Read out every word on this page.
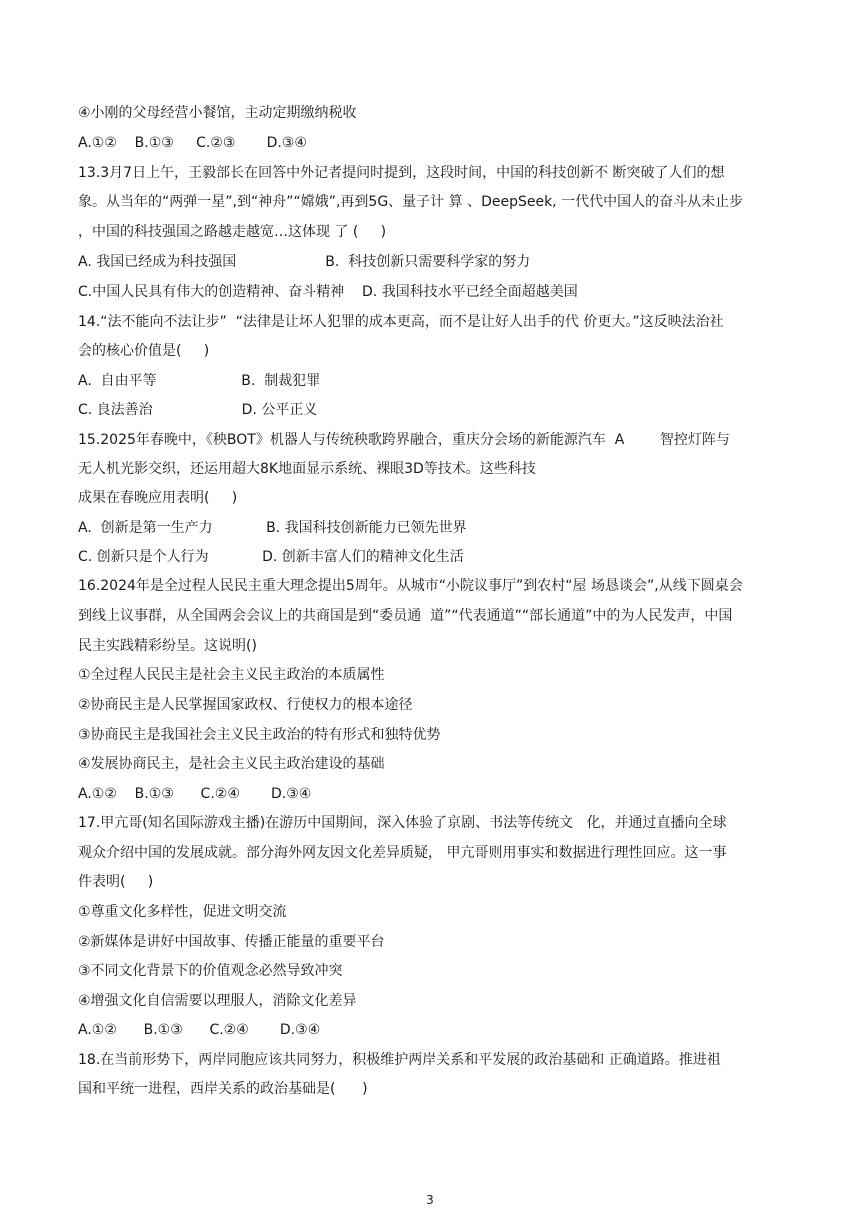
④小刚的父母经营小餐馆，主动定期缴纳税收
A.①②    B.①③     C.②③       D.③④
13.3月7日上午，王毅部长在回答中外记者提问时提到，这段时间，中国的科技创新不 断突破了人们的想
象。从当年的“两弹一星”,到“神舟”“嫦娥”,再到5G、量子计 算 、DeepSeek, 一代代中国人的奋斗从未止步
，中国的科技强国之路越走越宽…这体现 了 (     )
A. 我国已经成为科技强国                    B.  科技创新只需要科学家的努力
C.中国人民具有伟大的创造精神、奋斗精神    D. 我国科技水平已经全面超越美国
14.“法不能向不法让步”  “法律是让坏人犯罪的成本更高，而不是让好人出手的代 价更大。”这反映法治社
会的核心价值是(     )
A.  自由平等                   B.  制裁犯罪
C. 良法善治                    D. 公平正义
15.2025年春晚中，《秧BOT》机器人与传统秧歌跨界融合，重庆分会场的新能源汽车  A        智控灯阵与
无人机光影交织，还运用超大8K地面显示系统、裸眼3D等技术。这些科技
成果在春晚应用表明(     )
A.  创新是第一生产力            B. 我国科技创新能力已领先世界
C. 创新只是个人行为            D. 创新丰富人们的精神文化生活
16.2024年是全过程人民民主重大理念提出5周年。从城市“小院议事厅”到农村“屋 场恳谈会”,从线下圆桌会
到线上议事群，从全国两会会议上的共商国是到“委员通  道”“代表通道”“部长通道”中的为人民发声，中国
民主实践精彩纷呈。这说明()
①全过程人民民主是社会主义民主政治的本质属性
②协商民主是人民掌握国家政权、行使权力的根本途径
③协商民主是我国社会主义民主政治的特有形式和独特优势
④发展协商民主，是社会主义民主政治建设的基础
A.①②    B.①③      C.②④       D.③④
17.甲亢哥(知名国际游戏主播)在游历中国期间，深入体验了京剧、书法等传统文   化，并通过直播向全球
观众介绍中国的发展成就。部分海外网友因文化差异质疑， 甲亢哥则用事实和数据进行理性回应。这一事
件表明(     )
①尊重文化多样性，促进文明交流
②新媒体是讲好中国故事、传播正能量的重要平台
③不同文化背景下的价值观念必然导致冲突
④增强文化自信需要以理服人，消除文化差异
A.①②      B.①③      C.②④       D.③④
18.在当前形势下，两岸同胞应该共同努力，积极维护两岸关系和平发展的政治基础和 正确道路。推进祖
国和平统一进程，西岸关系的政治基础是(      )
3
